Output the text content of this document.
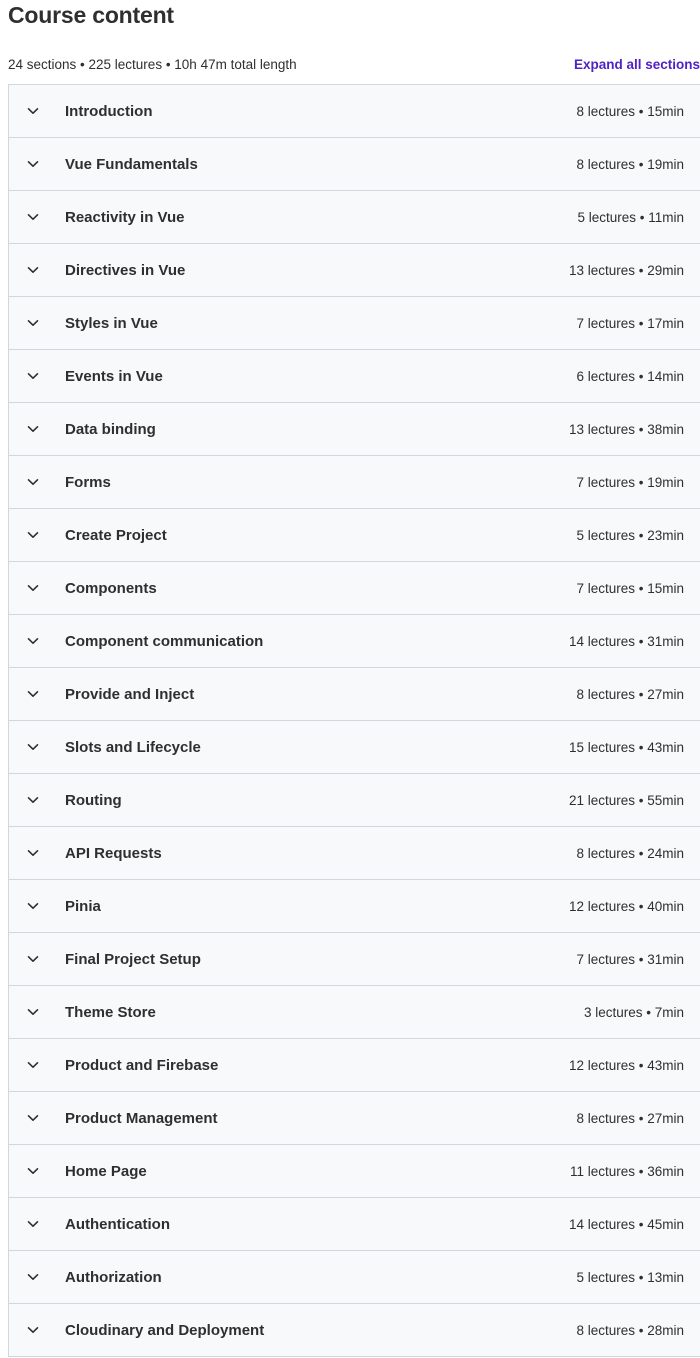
Course content
24 sections • 225 lectures • 10h 47m total length	Expand all sections
Introduction	8 lectures • 15min
Vue Fundamentals	8 lectures • 19min
Reactivity in Vue	5 lectures • 11min
Directives in Vue	13 lectures • 29min
Styles in Vue	7 lectures • 17min
Events in Vue	6 lectures • 14min
Data binding	13 lectures • 38min
Forms	7 lectures • 19min
Create Project	5 lectures • 23min
Components	7 lectures • 15min
Component communication	14 lectures • 31min
Provide and Inject	8 lectures • 27min
Slots and Lifecycle	15 lectures • 43min
Routing	21 lectures • 55min
API Requests	8 lectures • 24min
Pinia	12 lectures • 40min
Final Project Setup	7 lectures • 31min
Theme Store	3 lectures • 7min
Product and Firebase	12 lectures • 43min
Product Management	8 lectures • 27min
Home Page	11 lectures • 36min
Authentication	14 lectures • 45min
Authorization	5 lectures • 13min
Cloudinary and Deployment	8 lectures • 28min
